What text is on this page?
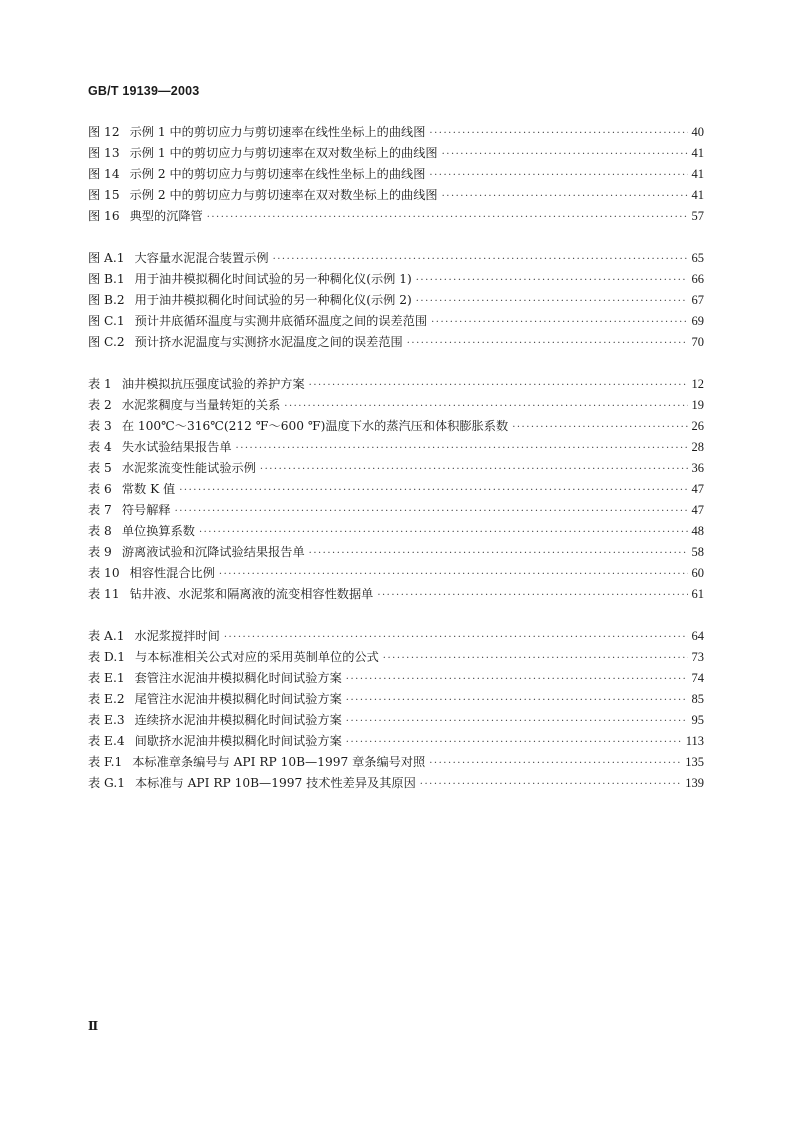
GB/T 19139—2003
图 12 示例 1 中的剪切应力与剪切速率在线性坐标上的曲线图 ·····	40
图 13 示例 1 中的剪切应力与剪切速率在双对数坐标上的曲线图 ·····	41
图 14 示例 2 中的剪切应力与剪切速率在线性坐标上的曲线图 ·····	41
图 15 示例 2 中的剪切应力与剪切速率在双对数坐标上的曲线图 ·····	41
图 16 典型的沉降管 ·····	57
图 A.1 大容量水泥混合装置示例 ·····	65
图 B.1 用于油井模拟稠化时间试验的另一种稠化仪(示例 1) ·····	66
图 B.2 用于油井模拟稠化时间试验的另一种稠化仪(示例 2) ·····	67
图 C.1 预计井底循环温度与实测井底循环温度之间的误差范围 ·····	69
图 C.2 预计挤水泥温度与实测挤水泥温度之间的误差范围 ·····	70
表 1 油井模拟抗压强度试验的养护方案 ·····	12
表 2 水泥浆稠度与当量转矩的关系 ·····	19
表 3 在 100℃～316℃(212 ℉～600 ℉)温度下水的蒸汽压和体积膨胀系数 ·····	26
表 4 失水试验结果报告单 ·····	28
表 5 水泥浆流变性能试验示例 ·····	36
表 6 常数 K 值 ·····	47
表 7 符号解释 ·····	47
表 8 单位换算系数 ·····	48
表 9 游离液试验和沉降试验结果报告单 ·····	58
表 10 相容性混合比例 ·····	60
表 11 钻井液、水泥浆和隔离液的流变相容性数据单 ·····	61
表 A.1 水泥浆搅拌时间 ·····	64
表 D.1 与本标准相关公式对应的采用英制单位的公式 ·····	73
表 E.1 套管注水泥油井模拟稠化时间试验方案 ·····	74
表 E.2 尾管注水泥油井模拟稠化时间试验方案 ·····	85
表 E.3 连续挤水泥油井模拟稠化时间试验方案 ·····	95
表 E.4 间歇挤水泥油井模拟稠化时间试验方案 ·····	113
表 F.1 本标准章条编号与 API RP 10B—1997 章条编号对照 ·····	135
表 G.1 本标准与 API RP 10B—1997 技术性差异及其原因 ·····	139
Ⅱ
